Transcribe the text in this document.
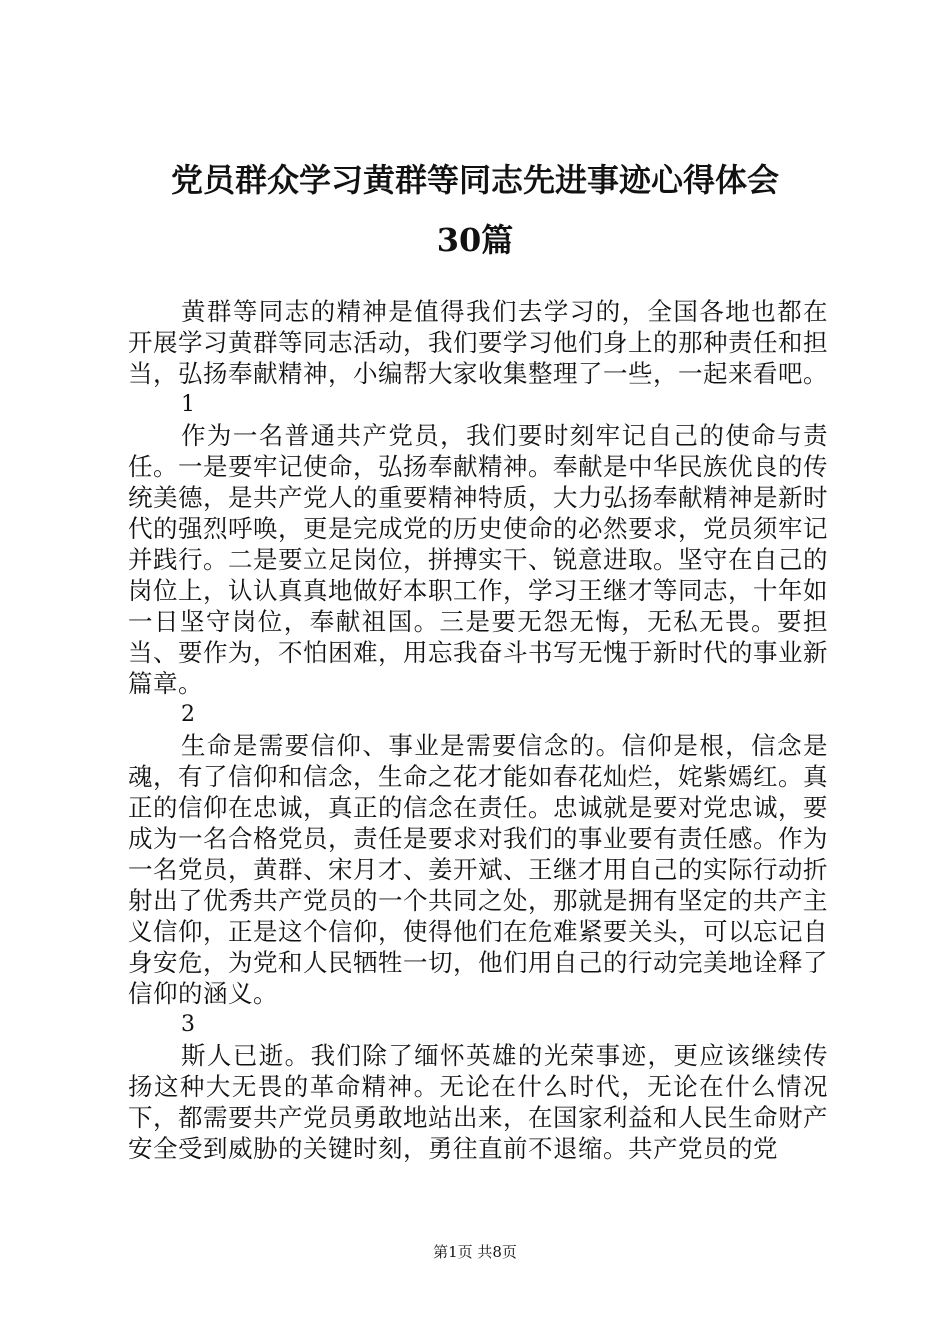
党员群众学习黄群等同志先进事迹心得体会
30篇

黄群等同志的精神是值得我们去学习的，全国各地也都在开展学习黄群等同志活动，我们要学习他们身上的那种责任和担当，弘扬奉献精神，小编帮大家收集整理了一些，一起来看吧。

1

作为一名普通共产党员，我们要时刻牢记自己的使命与责任。一是要牢记使命，弘扬奉献精神。奉献是中华民族优良的传统美德，是共产党人的重要精神特质，大力弘扬奉献精神是新时代的强烈呼唤，更是完成党的历史使命的必然要求，党员须牢记并践行。二是要立足岗位，拼搏实干、锐意进取。坚守在自己的岗位上，认认真真地做好本职工作，学习王继才等同志，十年如一日坚守岗位，奉献祖国。三是要无怨无悔，无私无畏。要担当、要作为，不怕困难，用忘我奋斗书写无愧于新时代的事业新篇章。

2

生命是需要信仰、事业是需要信念的。信仰是根，信念是魂，有了信仰和信念，生命之花才能如春花灿烂，姹紫嫣红。真正的信仰在忠诚，真正的信念在责任。忠诚就是要对党忠诚，要成为一名合格党员，责任是要求对我们的事业要有责任感。作为一名党员，黄群、宋月才、姜开斌、王继才用自己的实际行动折射出了优秀共产党员的一个共同之处，那就是拥有坚定的共产主义信仰，正是这个信仰，使得他们在危难紧要关头，可以忘记自身安危，为党和人民牺牲一切，他们用自己的行动完美地诠释了信仰的涵义。

3

斯人已逝。我们除了缅怀英雄的光荣事迹，更应该继续传扬这种大无畏的革命精神。无论在什么时代，无论在什么情况下，都需要共产党员勇敢地站出来，在国家利益和人民生命财产安全受到威胁的关键时刻，勇往直前不退缩。共产党员的党

第1页 共8页
